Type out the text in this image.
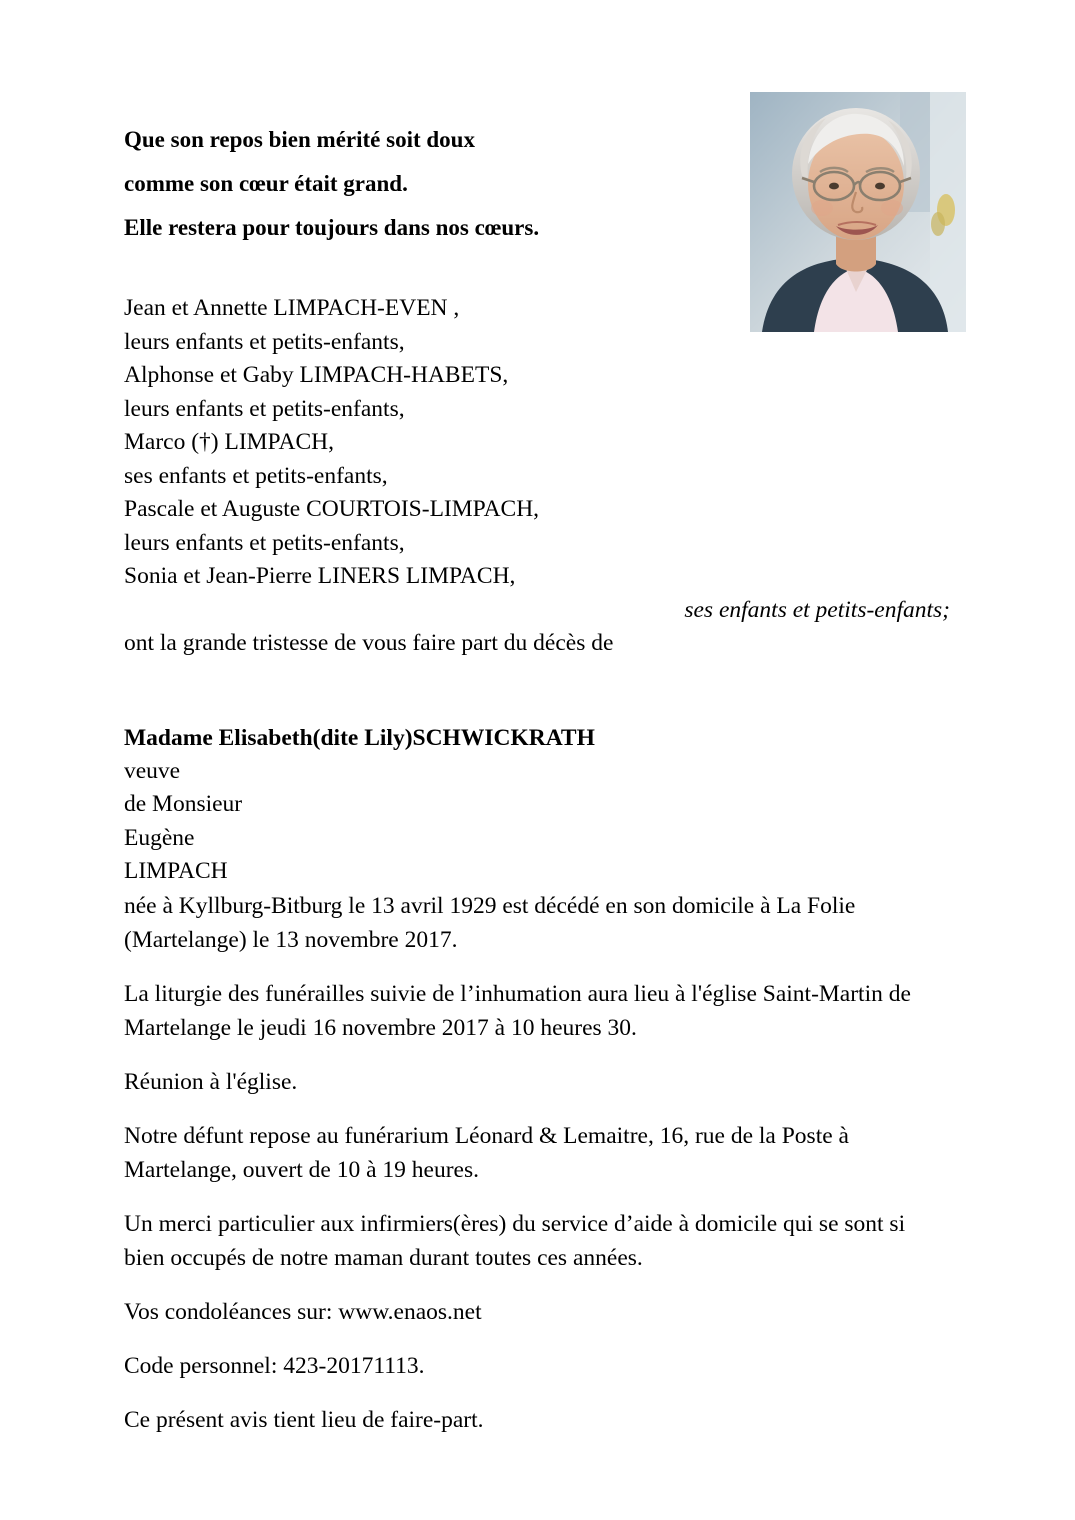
Que son repos bien mérité soit doux
comme son cœur était grand.
Elle restera pour toujours dans nos cœurs.
Jean et Annette LIMPACH-EVEN ,
leurs enfants et petits-enfants,
Alphonse et Gaby LIMPACH-HABETS,
leurs enfants et petits-enfants,
Marco (†) LIMPACH,
ses enfants et petits-enfants,
Pascale et Auguste COURTOIS-LIMPACH,
leurs enfants et petits-enfants,
Sonia et Jean-Pierre LINERS LIMPACH,
ses enfants et petits-enfants;
ont la grande tristesse de vous faire part du décès de
Madame Elisabeth(dite Lily)SCHWICKRATH
veuve
de Monsieur
Eugène
LIMPACH
née à Kyllburg-Bitburg le 13 avril 1929 est décédé en son domicile à La Folie (Martelange) le 13 novembre 2017.
La liturgie des funérailles suivie de l’inhumation aura lieu à l'église Saint-Martin de Martelange le jeudi 16 novembre 2017 à 10 heures 30.
Réunion à l'église.
Notre défunt repose au funérarium Léonard & Lemaitre, 16, rue de la Poste à Martelange, ouvert de 10 à 19 heures.
Un merci particulier aux infirmiers(ères) du service d’aide à domicile qui se sont si bien occupés de notre maman durant toutes ces années.
Vos condoléances sur: www.enaos.net
Code personnel: 423-20171113.
Ce présent avis tient lieu de faire-part.
